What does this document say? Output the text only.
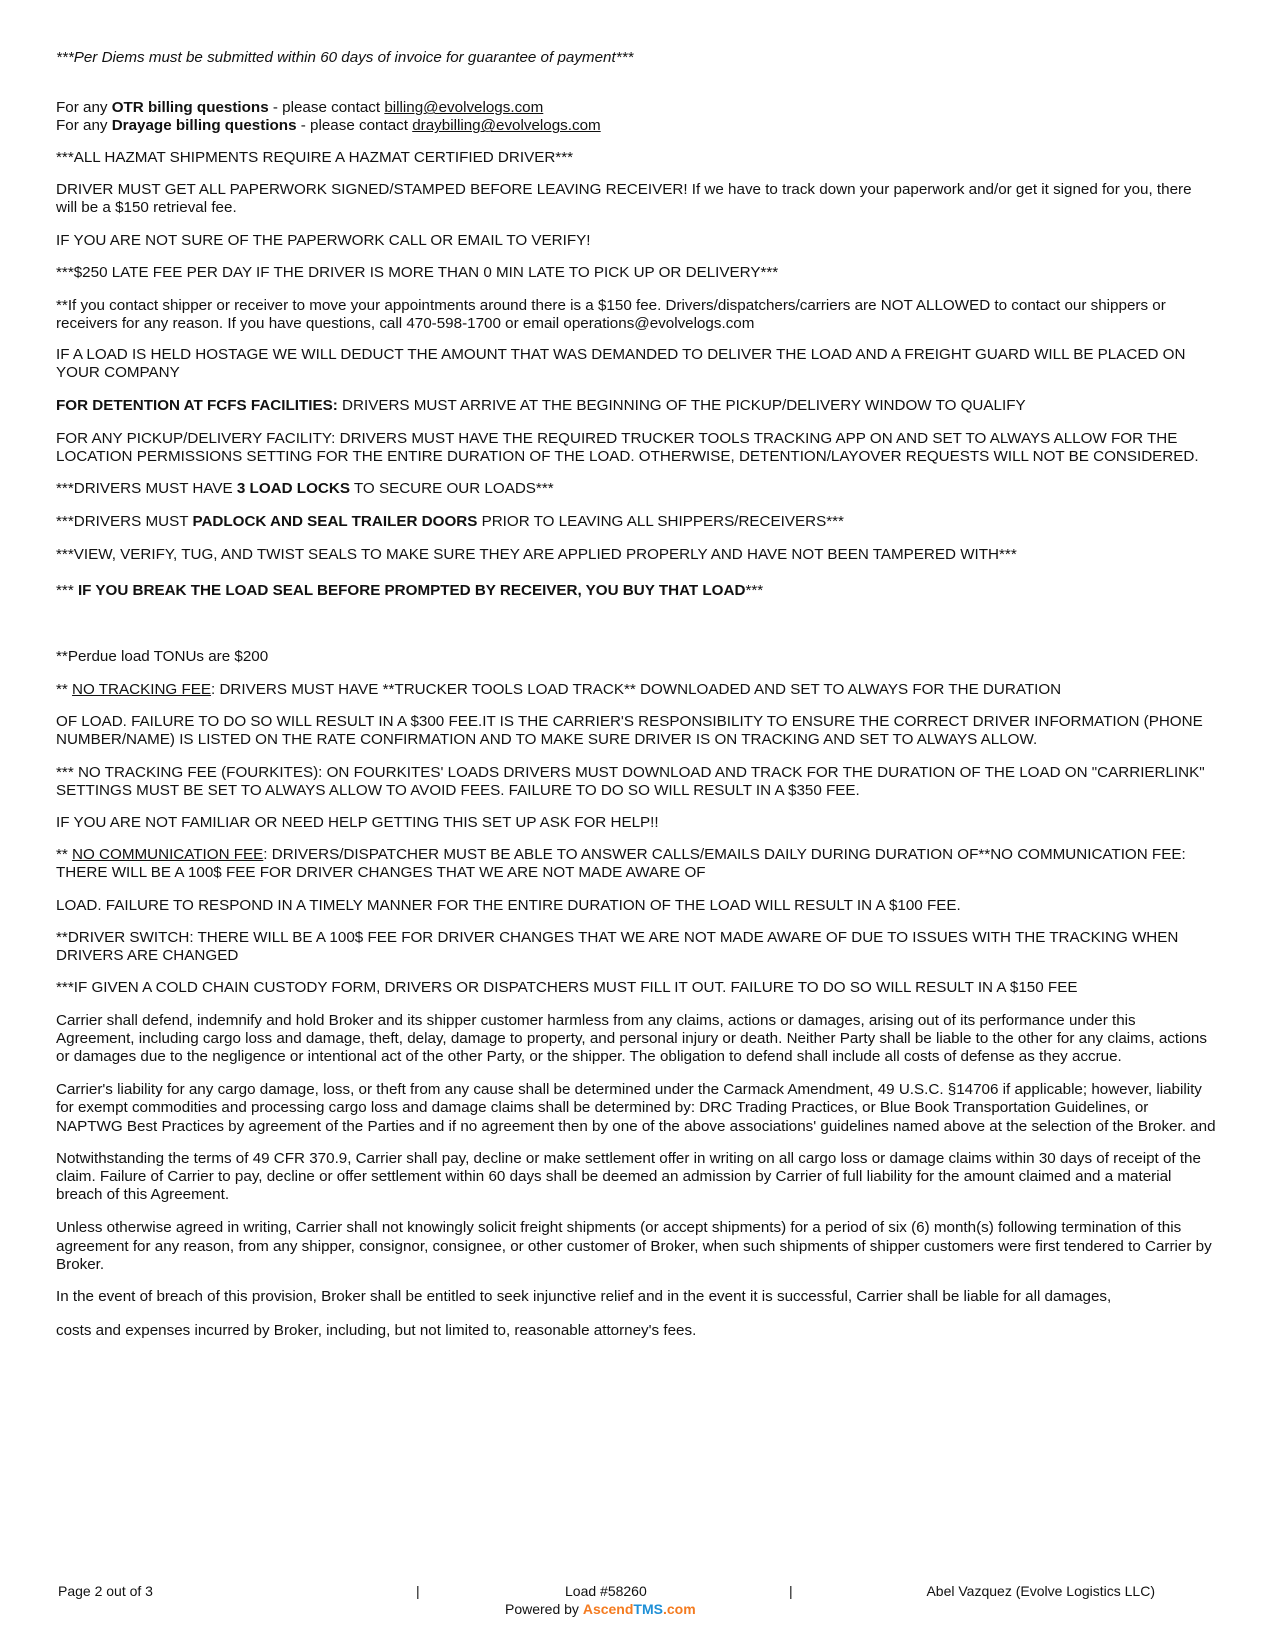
***Per Diems must be submitted within 60 days of invoice for guarantee of payment***

For any OTR billing questions - please contact billing@evolvelogs.com

For any Drayage billing questions - please contact draybilling@evolvelogs.com

***ALL HAZMAT SHIPMENTS REQUIRE A HAZMAT CERTIFIED DRIVER***

DRIVER MUST GET ALL PAPERWORK SIGNED/STAMPED BEFORE LEAVING RECEIVER! If we have to track down your paperwork and/or get it signed for you, there will be a $150 retrieval fee.

IF YOU ARE NOT SURE OF THE PAPERWORK CALL OR EMAIL TO VERIFY!

***$250 LATE FEE PER DAY IF THE DRIVER IS MORE THAN 0 MIN LATE TO PICK UP OR DELIVERY***

**If you contact shipper or receiver to move your appointments around there is a $150 fee. Drivers/dispatchers/carriers are NOT ALLOWED to contact our shippers or receivers for any reason. If you have questions, call 470-598-1700 or email operations@evolvelogs.com

IF A LOAD IS HELD HOSTAGE WE WILL DEDUCT THE AMOUNT THAT WAS DEMANDED TO DELIVER THE LOAD AND A FREIGHT GUARD WILL BE PLACED ON YOUR COMPANY

FOR DETENTION AT FCFS FACILITIES: DRIVERS MUST ARRIVE AT THE BEGINNING OF THE PICKUP/DELIVERY WINDOW TO QUALIFY

FOR ANY PICKUP/DELIVERY FACILITY: DRIVERS MUST HAVE THE REQUIRED TRUCKER TOOLS TRACKING APP ON AND SET TO ALWAYS ALLOW FOR THE LOCATION PERMISSIONS SETTING FOR THE ENTIRE DURATION OF THE LOAD. OTHERWISE, DETENTION/LAYOVER REQUESTS WILL NOT BE CONSIDERED.

***DRIVERS MUST HAVE 3 LOAD LOCKS TO SECURE OUR LOADS***

***DRIVERS MUST PADLOCK AND SEAL TRAILER DOORS PRIOR TO LEAVING ALL SHIPPERS/RECEIVERS***

***VIEW, VERIFY, TUG, AND TWIST SEALS TO MAKE SURE THEY ARE APPLIED PROPERLY AND HAVE NOT BEEN TAMPERED WITH***

*** IF YOU BREAK THE LOAD SEAL BEFORE PROMPTED BY RECEIVER, YOU BUY THAT LOAD***

**Perdue load TONUs are $200

** NO TRACKING FEE: DRIVERS MUST HAVE **TRUCKER TOOLS LOAD TRACK** DOWNLOADED AND SET TO ALWAYS FOR THE DURATION

OF LOAD. FAILURE TO DO SO WILL RESULT IN A $300 FEE.IT IS THE CARRIER'S RESPONSIBILITY TO ENSURE THE CORRECT DRIVER INFORMATION (PHONE NUMBER/NAME) IS LISTED ON THE RATE CONFIRMATION AND TO MAKE SURE DRIVER IS ON TRACKING AND SET TO ALWAYS ALLOW.

*** NO TRACKING FEE (FOURKITES): ON FOURKITES' LOADS DRIVERS MUST DOWNLOAD AND TRACK FOR THE DURATION OF THE LOAD ON "CARRIERLINK" SETTINGS MUST BE SET TO ALWAYS ALLOW TO AVOID FEES. FAILURE TO DO SO WILL RESULT IN A $350 FEE.

IF YOU ARE NOT FAMILIAR OR NEED HELP GETTING THIS SET UP ASK FOR HELP!!

** NO COMMUNICATION FEE: DRIVERS/DISPATCHER MUST BE ABLE TO ANSWER CALLS/EMAILS DAILY DURING DURATION OF**NO COMMUNICATION FEE: THERE WILL BE A 100$ FEE FOR DRIVER CHANGES THAT WE ARE NOT MADE AWARE OF

LOAD. FAILURE TO RESPOND IN A TIMELY MANNER FOR THE ENTIRE DURATION OF THE LOAD WILL RESULT IN A $100 FEE.

**DRIVER SWITCH: THERE WILL BE A 100$ FEE FOR DRIVER CHANGES THAT WE ARE NOT MADE AWARE OF DUE TO ISSUES WITH THE TRACKING WHEN DRIVERS ARE CHANGED

***IF GIVEN A COLD CHAIN CUSTODY FORM, DRIVERS OR DISPATCHERS MUST FILL IT OUT. FAILURE TO DO SO WILL RESULT IN A $150 FEE

Carrier shall defend, indemnify and hold Broker and its shipper customer harmless from any claims, actions or damages, arising out of its performance under this Agreement, including cargo loss and damage, theft, delay, damage to property, and personal injury or death. Neither Party shall be liable to the other for any claims, actions or damages due to the negligence or intentional act of the other Party, or the shipper. The obligation to defend shall include all costs of defense as they accrue.

Carrier's liability for any cargo damage, loss, or theft from any cause shall be determined under the Carmack Amendment, 49 U.S.C. §14706 if applicable; however, liability for exempt commodities and processing cargo loss and damage claims shall be determined by: DRC Trading Practices, or Blue Book Transportation Guidelines, or NAPTWG Best Practices by agreement of the Parties and if no agreement then by one of the above associations' guidelines named above at the selection of the Broker. and

Notwithstanding the terms of 49 CFR 370.9, Carrier shall pay, decline or make settlement offer in writing on all cargo loss or damage claims within 30 days of receipt of the claim. Failure of Carrier to pay, decline or offer settlement within 60 days shall be deemed an admission by Carrier of full liability for the amount claimed and a material breach of this Agreement.

Unless otherwise agreed in writing, Carrier shall not knowingly solicit freight shipments (or accept shipments) for a period of six (6) month(s) following termination of this agreement for any reason, from any shipper, consignor, consignee, or other customer of Broker, when such shipments of shipper customers were first tendered to Carrier by Broker.

In the event of breach of this provision, Broker shall be entitled to seek injunctive relief and in the event it is successful, Carrier shall be liable for all damages,

costs and expenses incurred by Broker, including, but not limited to, reasonable attorney's fees.

Page 2 out of 3	|	Load #58260	|	Abel Vazquez (Evolve Logistics LLC)
Powered by AscendTMS.com
